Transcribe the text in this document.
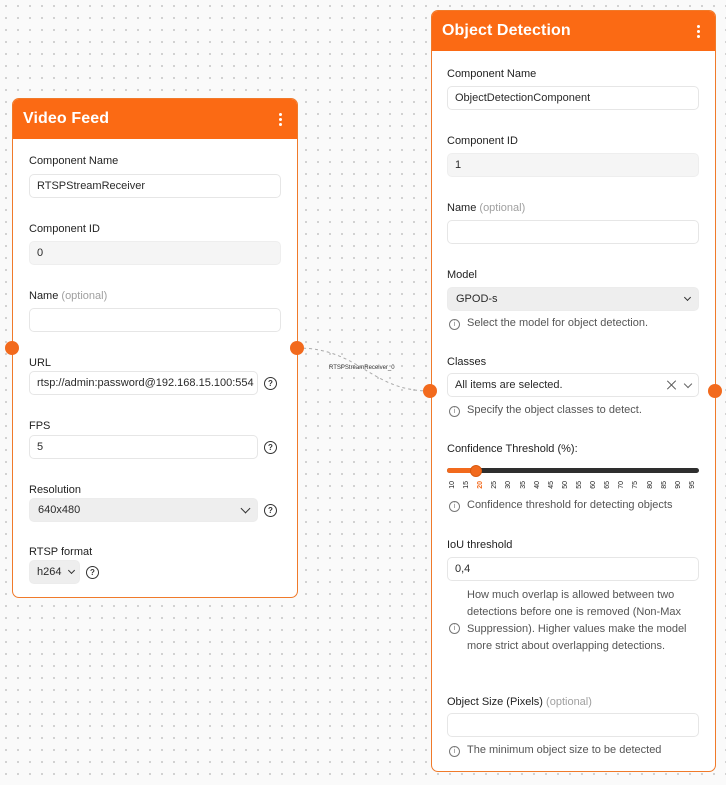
RTSPStreamReceiver_0
Video Feed
Component Name
RTSPStreamReceiver
Component ID
0
Name (optional)
URL
rtsp://admin:password@192.168.15.100:554	?
FPS
5	?
Resolution
640x480	?
RTSP format
h264	?
Object Detection
Component Name
ObjectDetectionComponent
Component ID
1
Name (optional)
Model
GPOD-s
i	Select the model for object detection.
Classes
All items are selected.
i	Specify the object classes to detect.
Confidence Threshold (%):
10	15	20	25	30	35	40	45	50	55	60	65	70	75	80	85	90	95
i	Confidence threshold for detecting objects
IoU threshold
0,4
i
How much overlap is allowed between two detections before one is removed (Non-Max Suppression). Higher values make the model more strict about overlapping detections.
Object Size (Pixels) (optional)
i	The minimum object size to be detected
